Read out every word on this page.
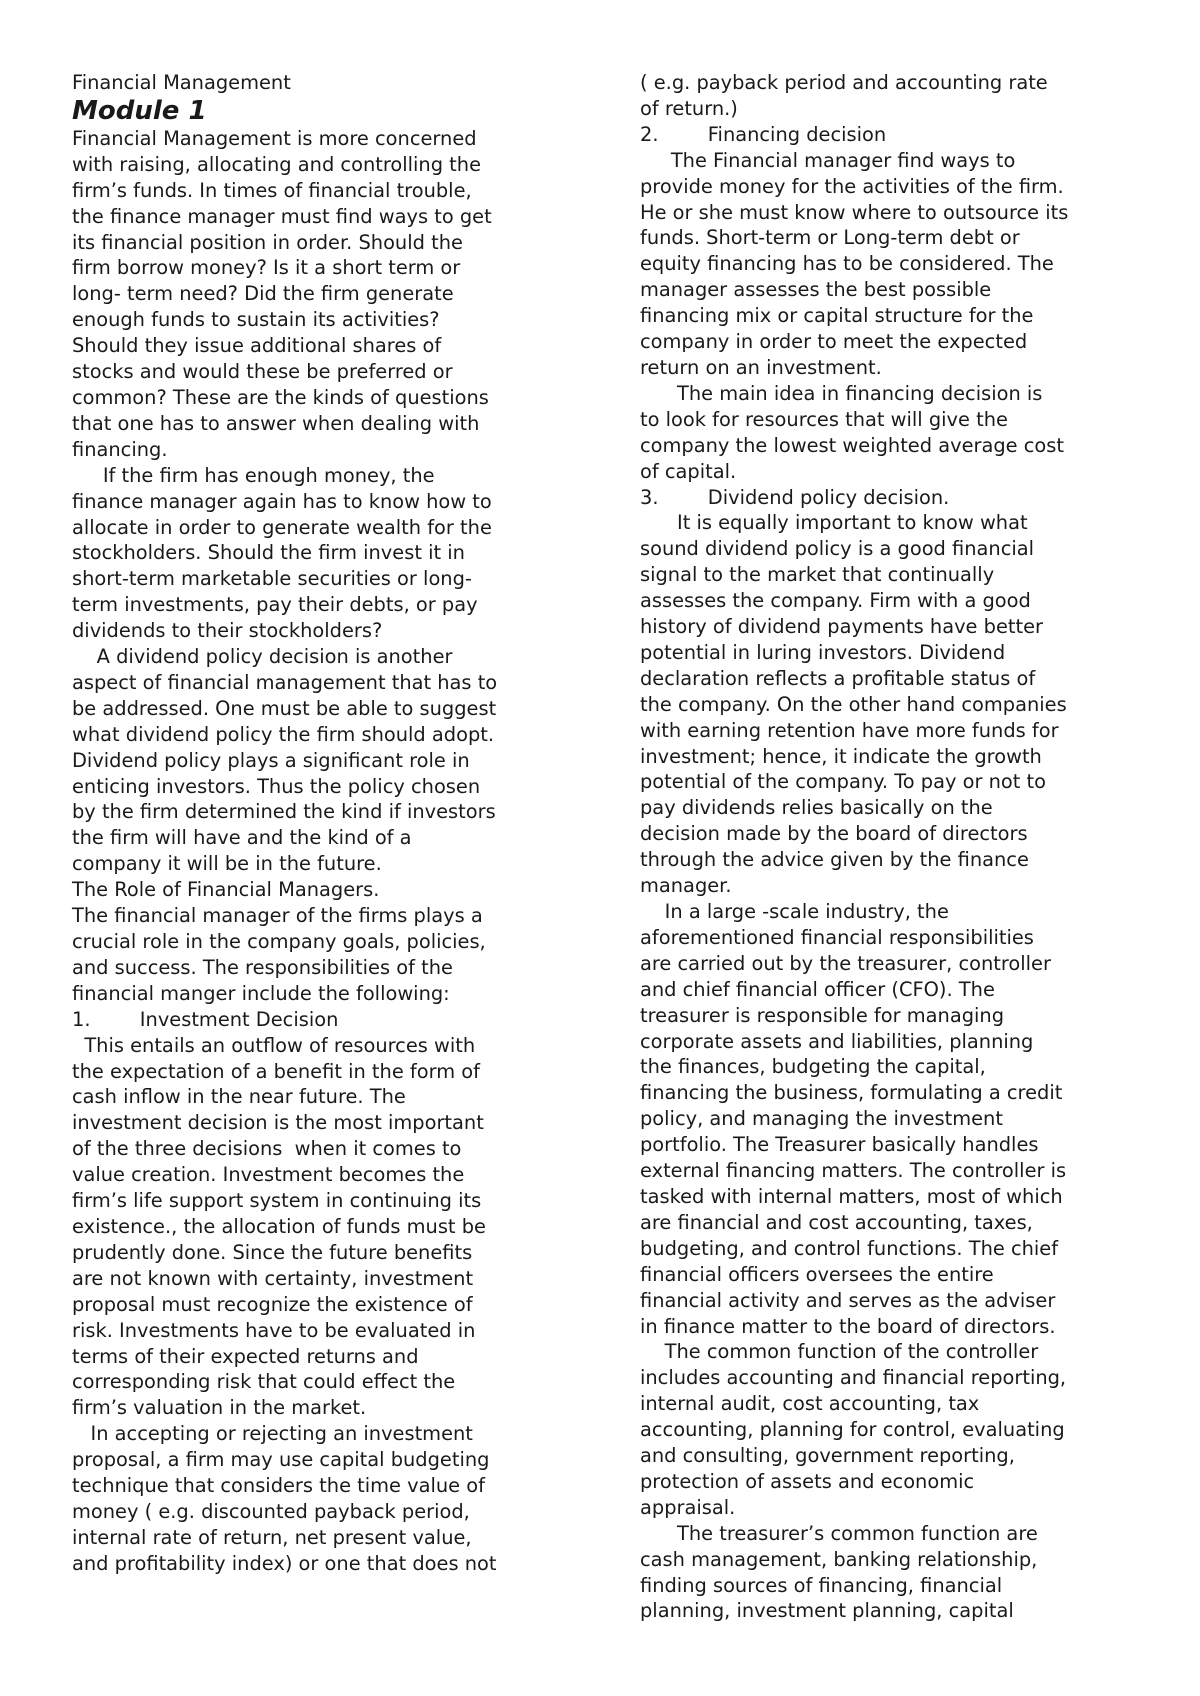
Financial Management
Module 1
Financial Management is more concerned
with raising, allocating and controlling the
firm’s funds. In times of financial trouble,
the finance manager must find ways to get
its financial position in order. Should the
firm borrow money? Is it a short term or
long- term need? Did the firm generate
enough funds to sustain its activities?
Should they issue additional shares of
stocks and would these be preferred or
common? These are the kinds of questions
that one has to answer when dealing with
financing.
If the firm has enough money, the
finance manager again has to know how to
allocate in order to generate wealth for the
stockholders. Should the firm invest it in
short-term marketable securities or long-
term investments, pay their debts, or pay
dividends to their stockholders?
A dividend policy decision is another
aspect of financial management that has to
be addressed. One must be able to suggest
what dividend policy the firm should adopt.
Dividend policy plays a significant role in
enticing investors. Thus the policy chosen
by the firm determined the kind if investors
the firm will have and the kind of a
company it will be in the future.
The Role of Financial Managers.
The financial manager of the firms plays a
crucial role in the company goals, policies,
and success. The responsibilities of the
financial manger include the following:
1.        Investment Decision
This entails an outflow of resources with
the expectation of a benefit in the form of
cash inflow in the near future. The
investment decision is the most important
of the three decisions  when it comes to
value creation. Investment becomes the
firm’s life support system in continuing its
existence., the allocation of funds must be
prudently done. Since the future benefits
are not known with certainty, investment
proposal must recognize the existence of
risk. Investments have to be evaluated in
terms of their expected returns and
corresponding risk that could effect the
firm’s valuation in the market.
In accepting or rejecting an investment
proposal, a firm may use capital budgeting
technique that considers the time value of
money ( e.g. discounted payback period,
internal rate of return, net present value,
and profitability index) or one that does not
( e.g. payback period and accounting rate
of return.)
2.        Financing decision
The Financial manager find ways to
provide money for the activities of the firm.
He or she must know where to outsource its
funds. Short-term or Long-term debt or
equity financing has to be considered. The
manager assesses the best possible
financing mix or capital structure for the
company in order to meet the expected
return on an investment.
The main idea in financing decision is
to look for resources that will give the
company the lowest weighted average cost
of capital.
3.        Dividend policy decision.
It is equally important to know what
sound dividend policy is a good financial
signal to the market that continually
assesses the company. Firm with a good
history of dividend payments have better
potential in luring investors. Dividend
declaration reflects a profitable status of
the company. On the other hand companies
with earning retention have more funds for
investment; hence, it indicate the growth
potential of the company. To pay or not to
pay dividends relies basically on the
decision made by the board of directors
through the advice given by the finance
manager.
In a large -scale industry, the
aforementioned financial responsibilities
are carried out by the treasurer, controller
and chief financial officer (CFO). The
treasurer is responsible for managing
corporate assets and liabilities, planning
the finances, budgeting the capital,
financing the business, formulating a credit
policy, and managing the investment
portfolio. The Treasurer basically handles
external financing matters. The controller is
tasked with internal matters, most of which
are financial and cost accounting, taxes,
budgeting, and control functions. The chief
financial officers oversees the entire
financial activity and serves as the adviser
in finance matter to the board of directors.
The common function of the controller
includes accounting and financial reporting,
internal audit, cost accounting, tax
accounting, planning for control, evaluating
and consulting, government reporting,
protection of assets and economic
appraisal.
The treasurer’s common function are
cash management, banking relationship,
finding sources of financing, financial
planning, investment planning, capital
